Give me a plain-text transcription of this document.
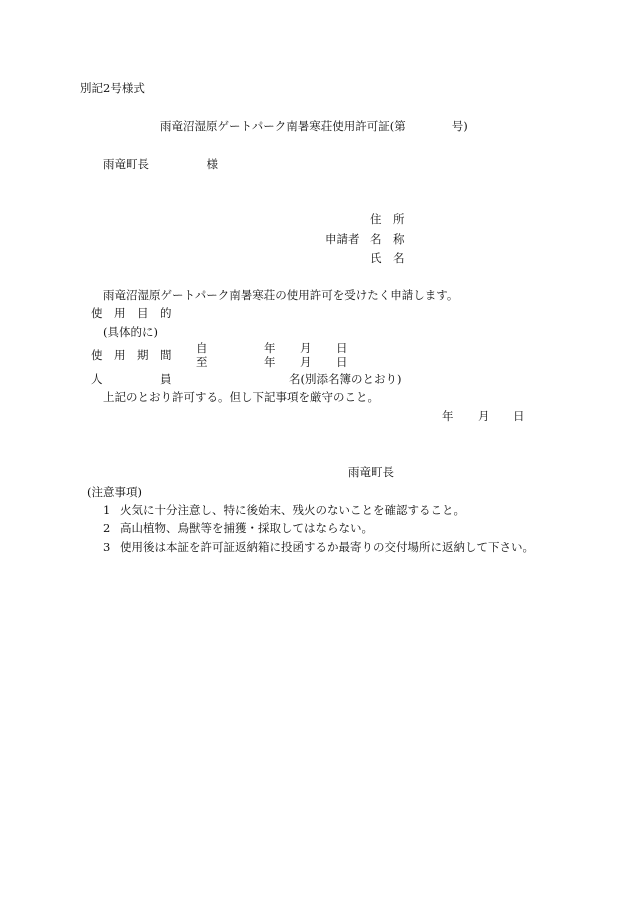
別記2号様式
雨竜沼湿原ゲートパーク南暑寒荘使用許可証(第　　　　号)
雨竜町長　　　　　様
住　所
申請者 名　称
氏　名
雨竜沼湿原ゲートパーク南暑寒荘の使用許可を受けたく申請します。
使　用　目　的
(具体的に)
自	年 月 日
使　用　期　間 至	年 月 日
人	員	名(別添名簿のとおり)
上記のとおり許可する。但し下記事項を厳守のこと。
年 月 日
雨竜町長
(注意事項)
1 火気に十分注意し、特に後始末、残火のないことを確認すること。
2 高山植物、鳥獣等を捕獲・採取してはならない。
3 使用後は本証を許可証返納箱に投函するか最寄りの交付場所に返納して下さい。
